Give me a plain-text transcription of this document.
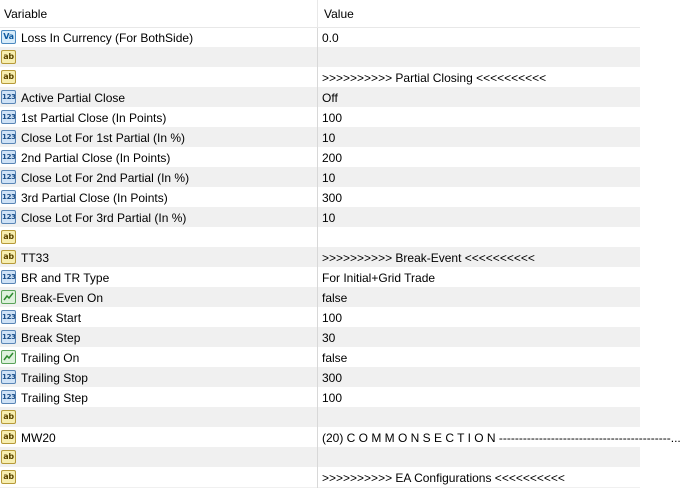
Variable	Value
Va Loss In Currency (For BothSide)	0.0
ab
ab	>>>>>>>>>> Partial Closing <<<<<<<<<<
123 Active Partial Close	Off
123 1st Partial Close (In Points)	100
123 Close Lot For 1st Partial (In %)	10
123 2nd Partial Close (In Points)	200
123 Close Lot For 2nd Partial (In %)	10
123 3rd Partial Close (In Points)	300
123 Close Lot For 3rd Partial (In %)	10
ab
ab TT33	>>>>>>>>>> Break-Event <<<<<<<<<<
123 BR and TR Type	For Initial+Grid Trade
Break-Even On	false
123 Break Start	100
123 Break Step	30
Trailing On	false
123 Trailing Stop	300
123 Trailing Step	100
ab
ab MW20	(20) C O M M O N S E C T I O N -------------------------------------------...
ab
ab	>>>>>>>>>> EA Configurations <<<<<<<<<<
